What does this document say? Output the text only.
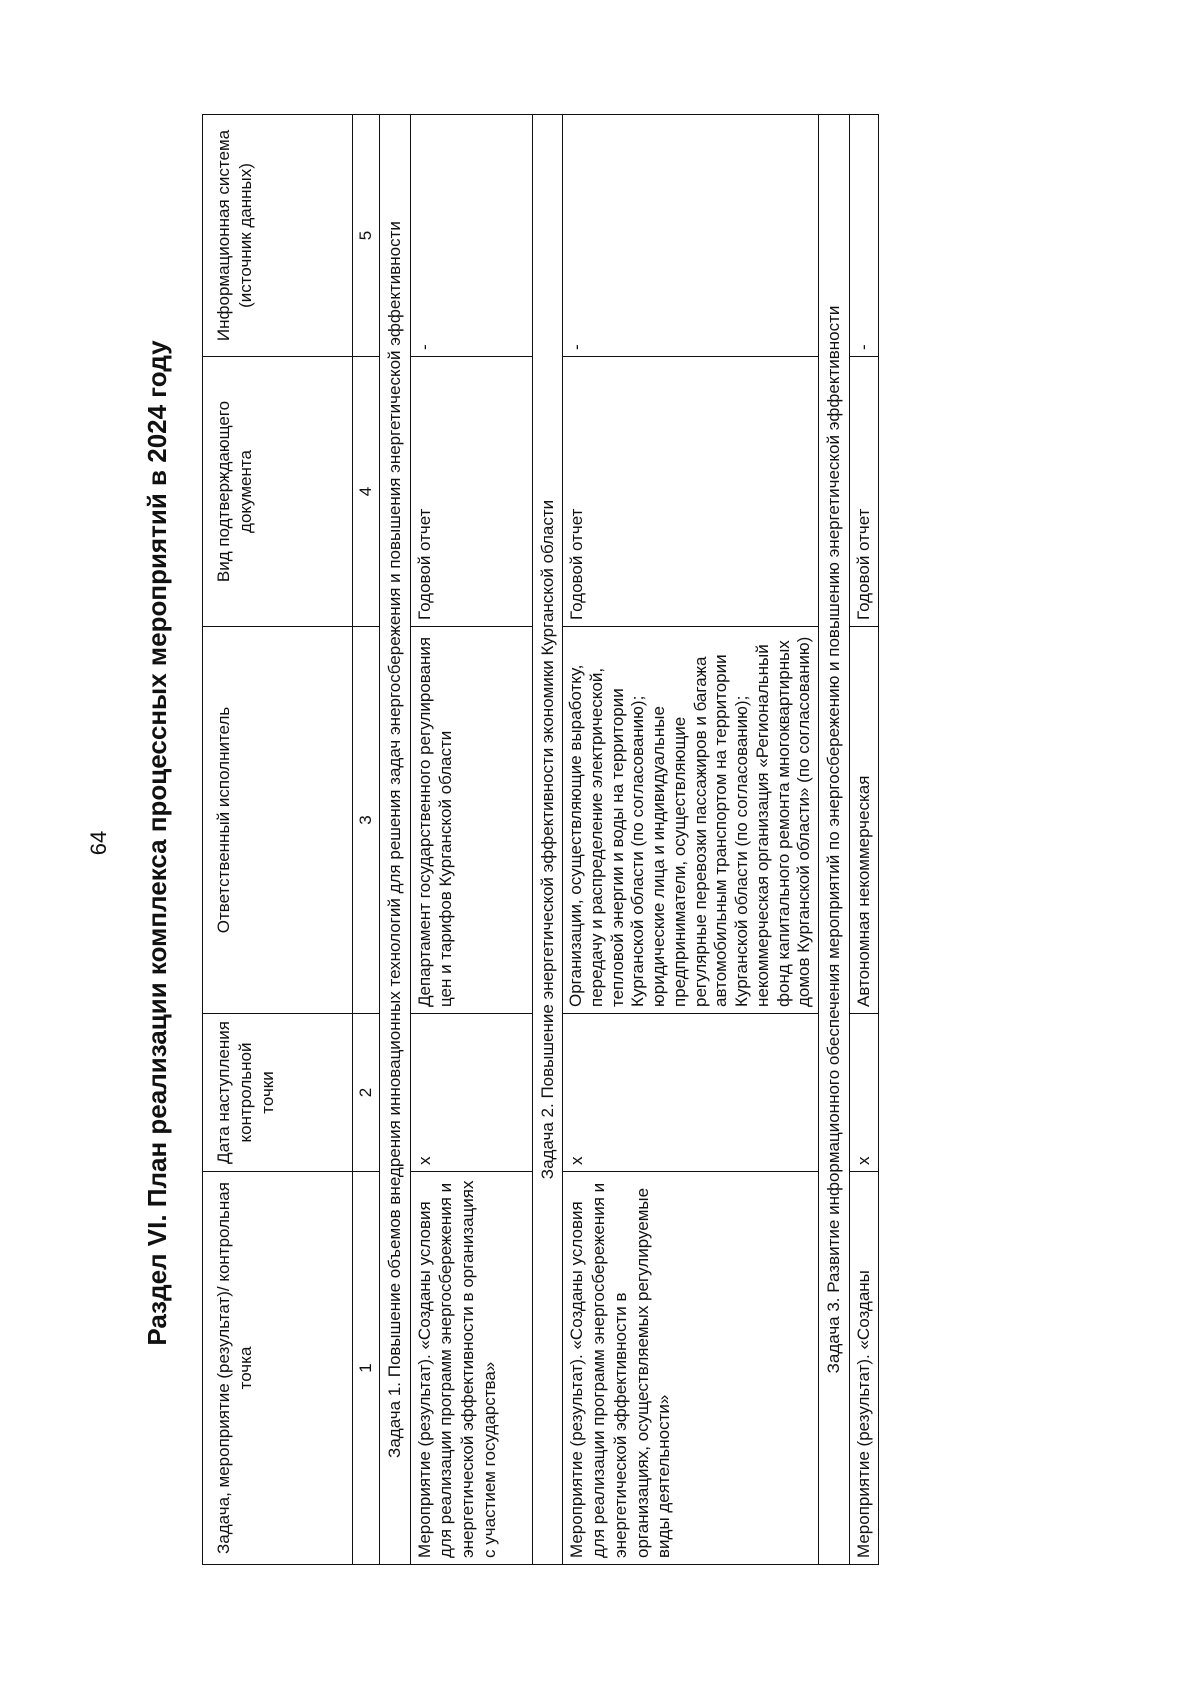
64 Раздел VI. План реализации комплекса процессных мероприятий в 2024 году
Задача, мероприятие (результат)/ контрольная точка	Дата наступления контрольной точки	Ответственный исполнитель	Вид подтверждающего документа	Информационная система (источник данных)
1	2	3	4	5
Задача 1. Повышение объемов внедрения инновационных технологий для решения задач энергосбережения и повышения энергетической эффективности				
Мероприятие (результат). «Созданы условия для реализации программ энергосбережения и энергетической эффективности в организациях с участием государства»	x	Департамент государственного регулирования цен и тарифов Курганской области	Годовой отчет	-
Задача 2. Повышение энергетической эффективности экономики Курганской области				
Мероприятие (результат). «Созданы условия для реализации программ энергосбережения и энергетической эффективности в организациях, осуществляемых регулируемые виды деятельности»	x	Организации, осуществляющие выработку, передачу и распределение электрической, тепловой энергии и воды на территории Курганской области (по согласованию); юридические лица и индивидуальные предприниматели, осуществляющие регулярные перевозки пассажиров и багажа автомобильным транспортом на территории Курганской области (по согласованию); некоммерческая организация «Региональный фонд капитального ремонта многоквартирных домов Курганской области» (по согласованию)	Годовой отчет	-
Задача 3. Развитие информационного обеспечения мероприятий по энергосбережению и повышению энергетической эффективности				
Мероприятие (результат). «Созданы	x	Автономная некоммерческая	Годовой отчет	-
